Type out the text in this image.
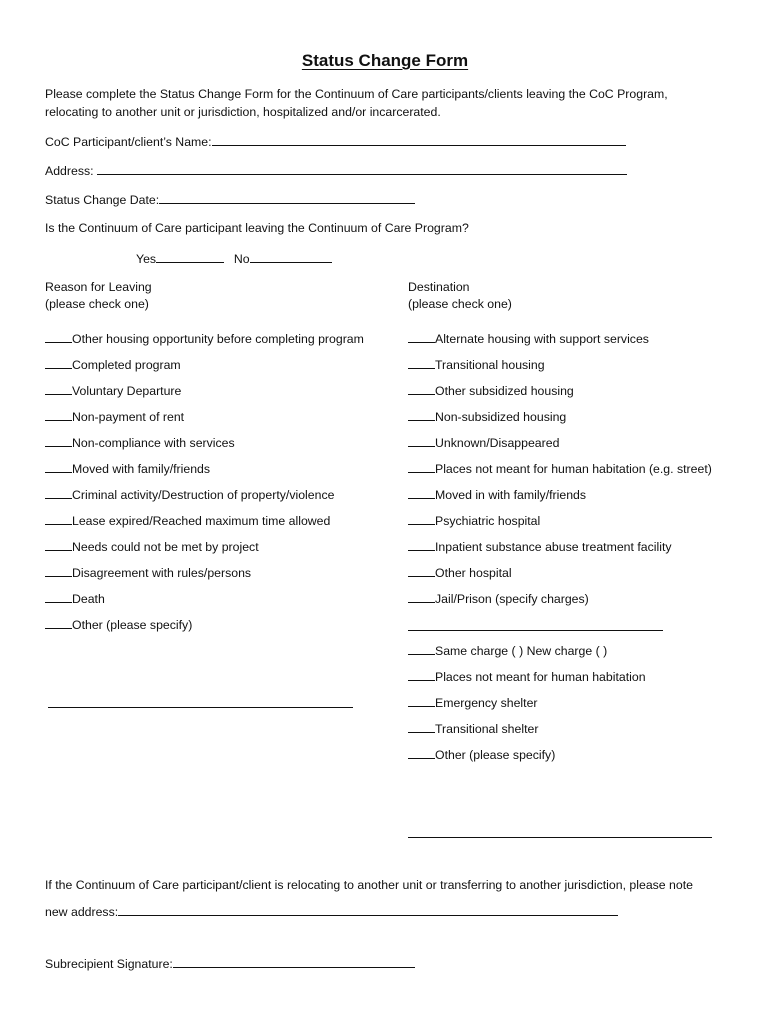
Status Change Form
Please complete the Status Change Form for the Continuum of Care participants/clients leaving the CoC Program,
relocating to another unit or jurisdiction, hospitalized and/or incarcerated.
CoC Participant/client’s Name:
Address:
Status Change Date:
Is the Continuum of Care participant leaving the Continuum of Care Program?
Yes	No
Reason for Leaving
(please check one)
Destination
(please check one)
Other housing opportunity before completing program
Completed program
Voluntary Departure
Non-payment of rent
Non-compliance with services
Moved with family/friends
Criminal activity/Destruction of property/violence
Lease expired/Reached maximum time allowed
Needs could not be met by project
Disagreement with rules/persons
Death
Other (please specify)
Alternate housing with support services
Transitional housing
Other subsidized housing
Non-subsidized housing
Unknown/Disappeared
Places not meant for human habitation (e.g. street)
Moved in with family/friends
Psychiatric hospital
Inpatient substance abuse treatment facility
Other hospital
Jail/Prison (specify charges)
Same charge ( ) New charge ( )
Places not meant for human habitation
Emergency shelter
Transitional shelter
Other (please specify)
If the Continuum of Care participant/client is relocating to another unit or transferring to another jurisdiction, please note
new address:
Subrecipient Signature:
